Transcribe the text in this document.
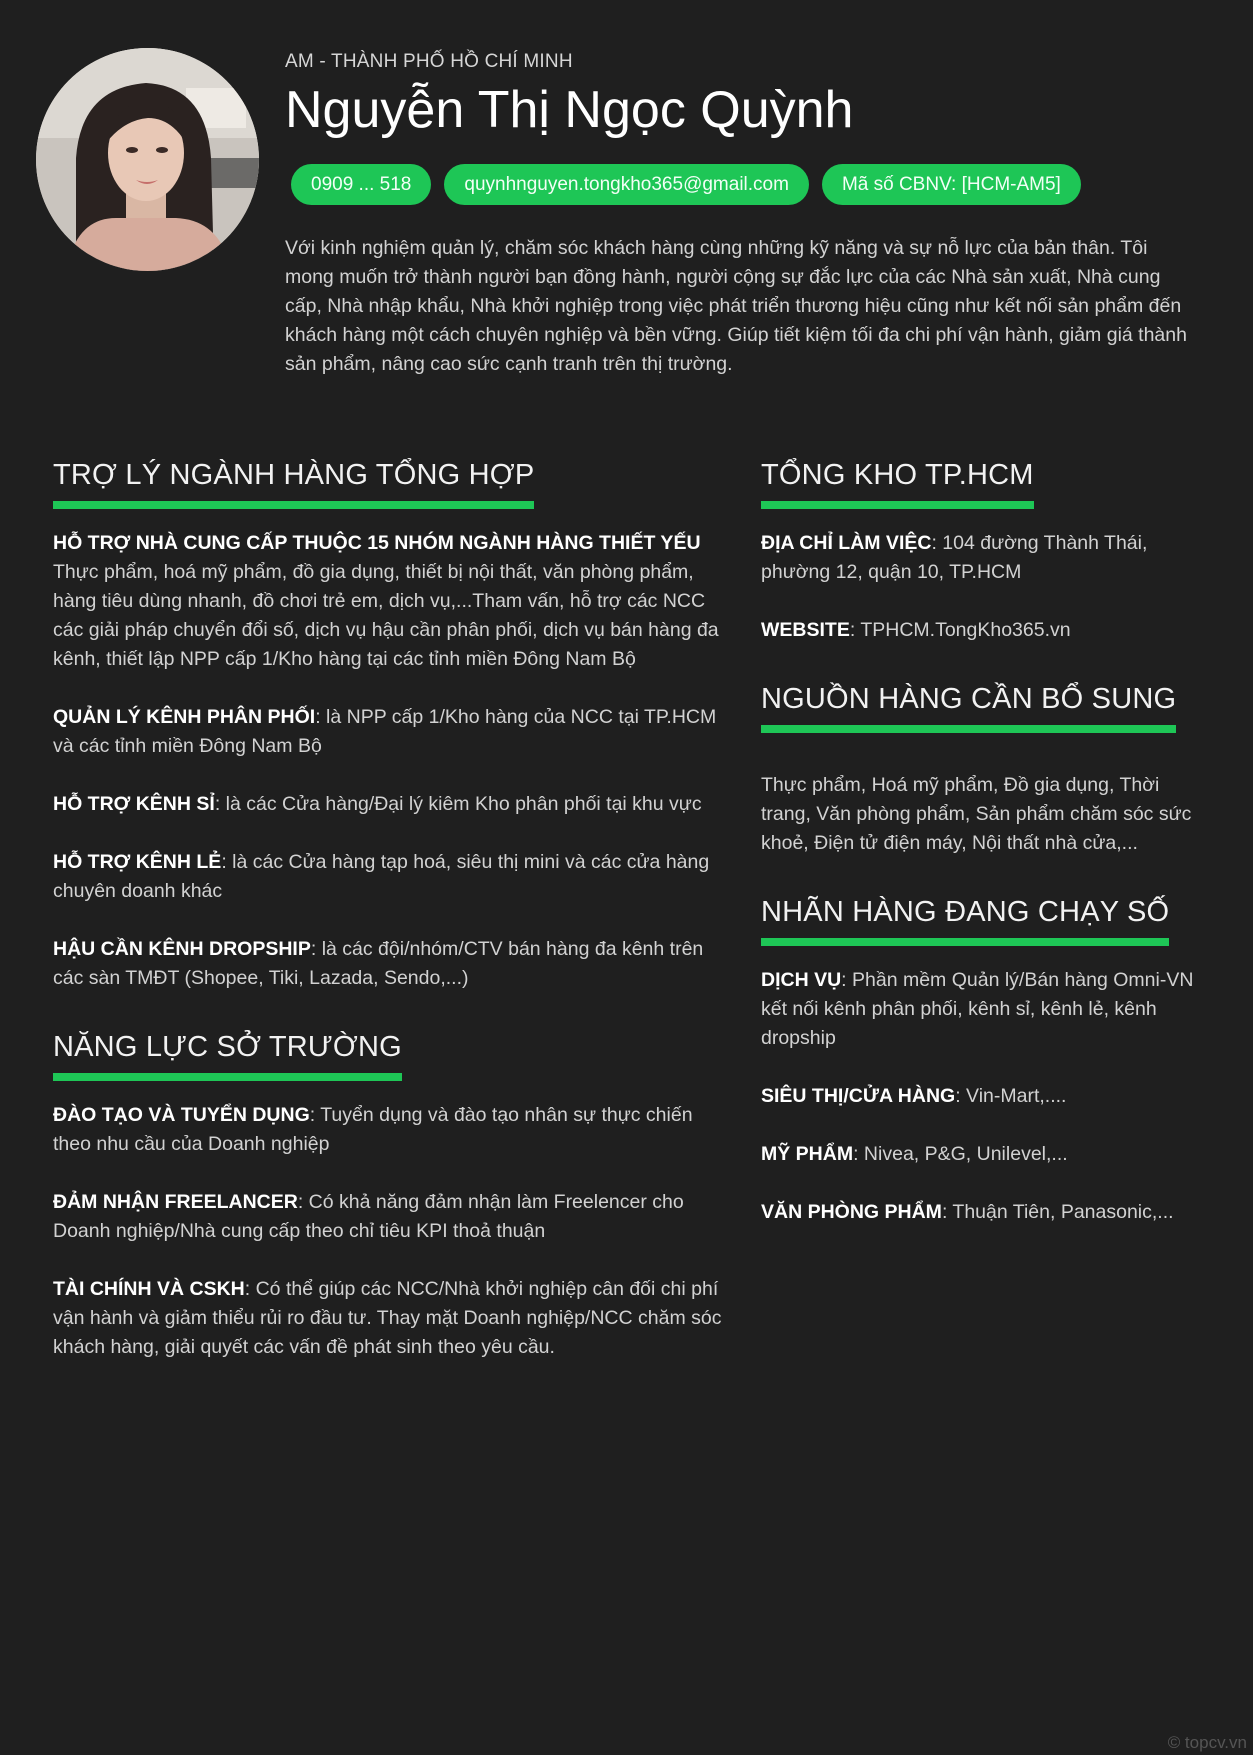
AM - THÀNH PHỐ HỒ CHÍ MINH

Nguyễn Thị Ngọc Quỳnh
0909 ... 518	quynhnguyen.tongkho365@gmail.com	Mã số CBNV: [HCM-AM5]
Với kinh nghiệm quản lý, chăm sóc khách hàng cùng những kỹ năng và sự nỗ lực của bản thân. Tôi mong muốn trở thành người bạn đồng hành, người cộng sự đắc lực của các Nhà sản xuất, Nhà cung cấp, Nhà nhập khẩu, Nhà khởi nghiệp trong việc phát triển thương hiệu cũng như kết nối sản phẩm đến khách hàng một cách chuyên nghiệp và bền vững. Giúp tiết kiệm tối đa chi phí vận hành, giảm giá thành sản phẩm, nâng cao sức cạnh tranh trên thị trường.
TRỢ LÝ NGÀNH HÀNG TỔNG HỢP

HỖ TRỢ NHÀ CUNG CẤP THUỘC 15 NHÓM NGÀNH HÀNG THIẾT YẾU Thực phẩm, hoá mỹ phẩm, đồ gia dụng, thiết bị nội thất, văn phòng phẩm, hàng tiêu dùng nhanh, đồ chơi trẻ em, dịch vụ,...Tham vấn, hỗ trợ các NCC các giải pháp chuyển đổi số, dịch vụ hậu cần phân phối, dịch vụ bán hàng đa kênh, thiết lập NPP cấp 1/Kho hàng tại các tỉnh miền Đông Nam Bộ

QUẢN LÝ KÊNH PHÂN PHỐI: là NPP cấp 1/Kho hàng của NCC tại TP.HCM và các tỉnh miền Đông Nam Bộ

HỖ TRỢ KÊNH SỈ: là các Cửa hàng/Đại lý kiêm Kho phân phối tại khu vực

HỖ TRỢ KÊNH LẺ: là các Cửa hàng tạp hoá, siêu thị mini và các cửa hàng chuyên doanh khác

HẬU CẦN KÊNH DROPSHIP: là các đội/nhóm/CTV bán hàng đa kênh trên các sàn TMĐT (Shopee, Tiki, Lazada, Sendo,...)

NĂNG LỰC SỞ TRƯỜNG

ĐÀO TẠO VÀ TUYỂN DỤNG: Tuyển dụng và đào tạo nhân sự thực chiến theo nhu cầu của Doanh nghiệp

ĐẢM NHẬN FREELANCER: Có khả năng đảm nhận làm Freelencer cho Doanh nghiệp/Nhà cung cấp theo chỉ tiêu KPI thoả thuận

TÀI CHÍNH VÀ CSKH: Có thể giúp các NCC/Nhà khởi nghiệp cân đối chi phí vận hành và giảm thiểu rủi ro đầu tư. Thay mặt Doanh nghiệp/NCC chăm sóc khách hàng, giải quyết các vấn đề phát sinh theo yêu cầu.

TỔNG KHO TP.HCM

ĐỊA CHỈ LÀM VIỆC: 104 đường Thành Thái, phường 12, quận 10, TP.HCM

WEBSITE: TPHCM.TongKho365.vn

NGUỒN HÀNG CẦN BỔ SUNG
Thực phẩm, Hoá mỹ phẩm, Đồ gia dụng, Thời trang, Văn phòng phẩm, Sản phẩm chăm sóc sức khoẻ, Điện tử điện máy, Nội thất nhà cửa,...
NHÃN HÀNG ĐANG CHẠY SỐ

DỊCH VỤ: Phần mềm Quản lý/Bán hàng Omni-VN kết nối kênh phân phối, kênh sỉ, kênh lẻ, kênh dropship

SIÊU THỊ/CỬA HÀNG: Vin-Mart,....

MỸ PHẨM: Nivea, P&G, Unilevel,...

VĂN PHÒNG PHẨM: Thuận Tiên, Panasonic,...

© topcv.vn
